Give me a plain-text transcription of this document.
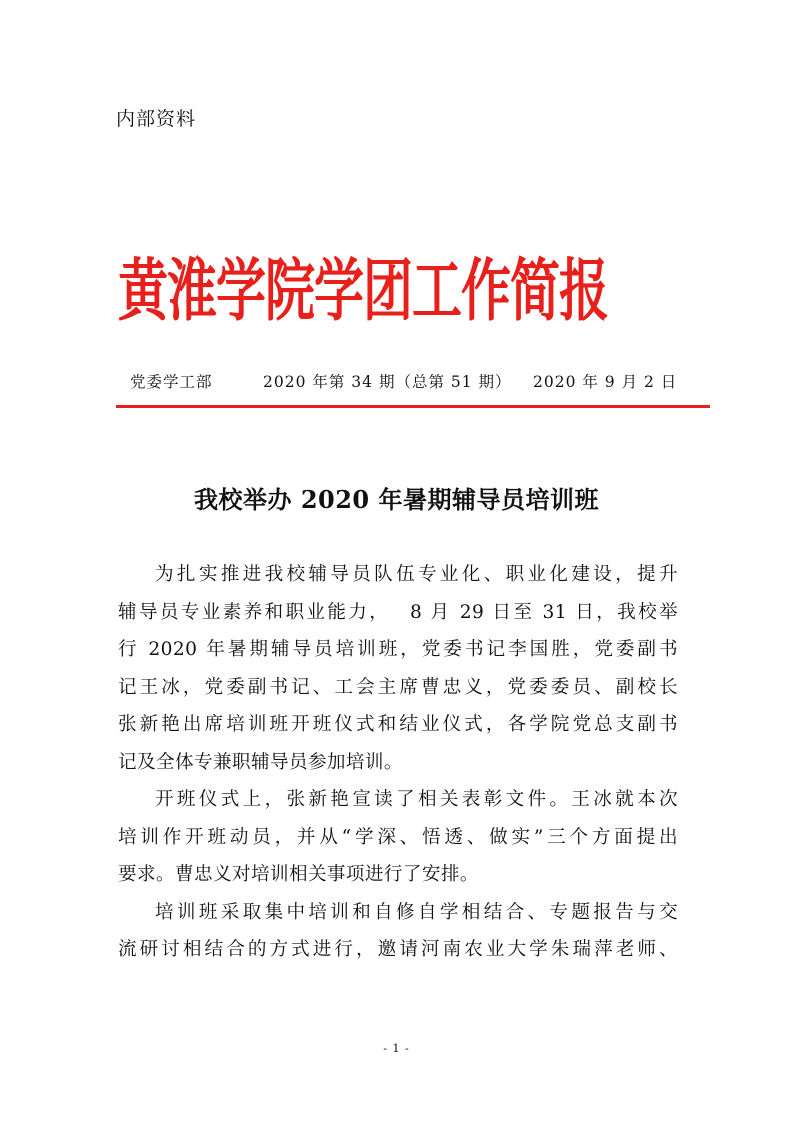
内部资料
黄淮学院学团工作简报
党委学工部	2020 年第 34 期（总第 51 期） 2020 年 9 月 2 日
我校举办 2020 年暑期辅导员培训班

为扎实推进我校辅导员队伍专业化、职业化建设，提升
辅导员专业素养和职业能力，　 8 月 29 日至 31 日，我校举
行 2020 年暑期辅导员培训班，党委书记李国胜，党委副书
记王冰，党委副书记、工会主席曹忠义，党委委员、副校长
张新艳出席培训班开班仪式和结业仪式，各学院党总支副书
记及全体专兼职辅导员参加培训。

开班仪式上，张新艳宣读了相关表彰文件。王冰就本次
培训作开班动员，并从“学深、悟透、做实”三个方面提出
要求。曹忠义对培训相关事项进行了安排。

培训班采取集中培训和自修自学相结合、专题报告与交
流研讨相结合的方式进行，邀请河南农业大学朱瑞萍老师、

- 1 -
